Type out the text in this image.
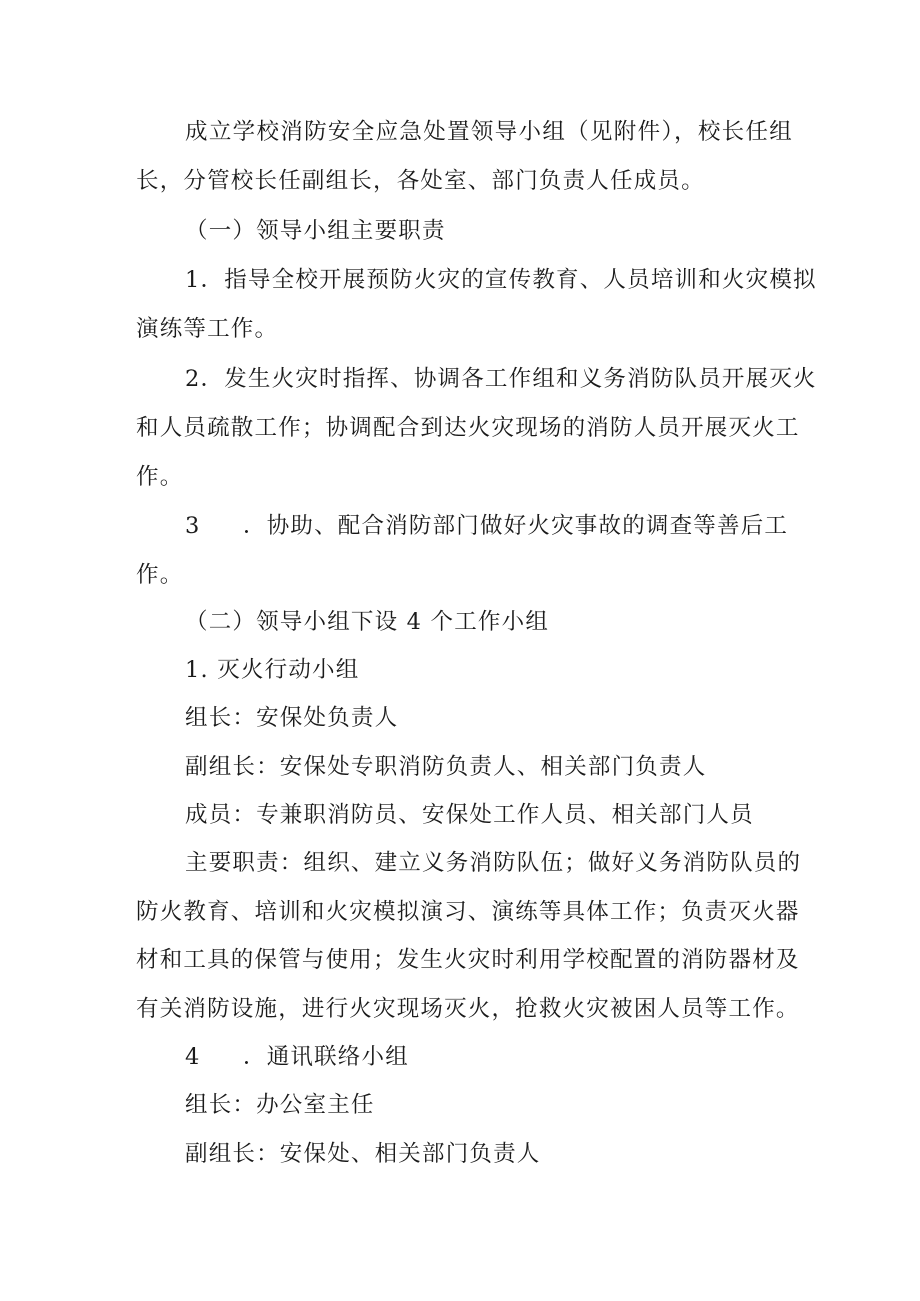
成立学校消防安全应急处置领导小组（见附件），校长任组
长，分管校长任副组长，各处室、部门负责人任成员。
（一）领导小组主要职责
1．指导全校开展预防火灾的宣传教育、人员培训和火灾模拟
演练等工作。
2．发生火灾时指挥、协调各工作组和义务消防队员开展灭火
和人员疏散工作；协调配合到达火灾现场的消防人员开展灭火工
作。
3 ．协助、配合消防部门做好火灾事故的调查等善后工
作。
（二）领导小组下设 4 个工作小组
1. 灭火行动小组
组长：安保处负责人
副组长：安保处专职消防负责人、相关部门负责人
成员：专兼职消防员、安保处工作人员、相关部门人员
主要职责：组织、建立义务消防队伍；做好义务消防队员的
防火教育、培训和火灾模拟演习、演练等具体工作；负责灭火器
材和工具的保管与使用；发生火灾时利用学校配置的消防器材及
有关消防设施，进行火灾现场灭火，抢救火灾被困人员等工作。
4 ．通讯联络小组
组长：办公室主任
副组长：安保处、相关部门负责人
